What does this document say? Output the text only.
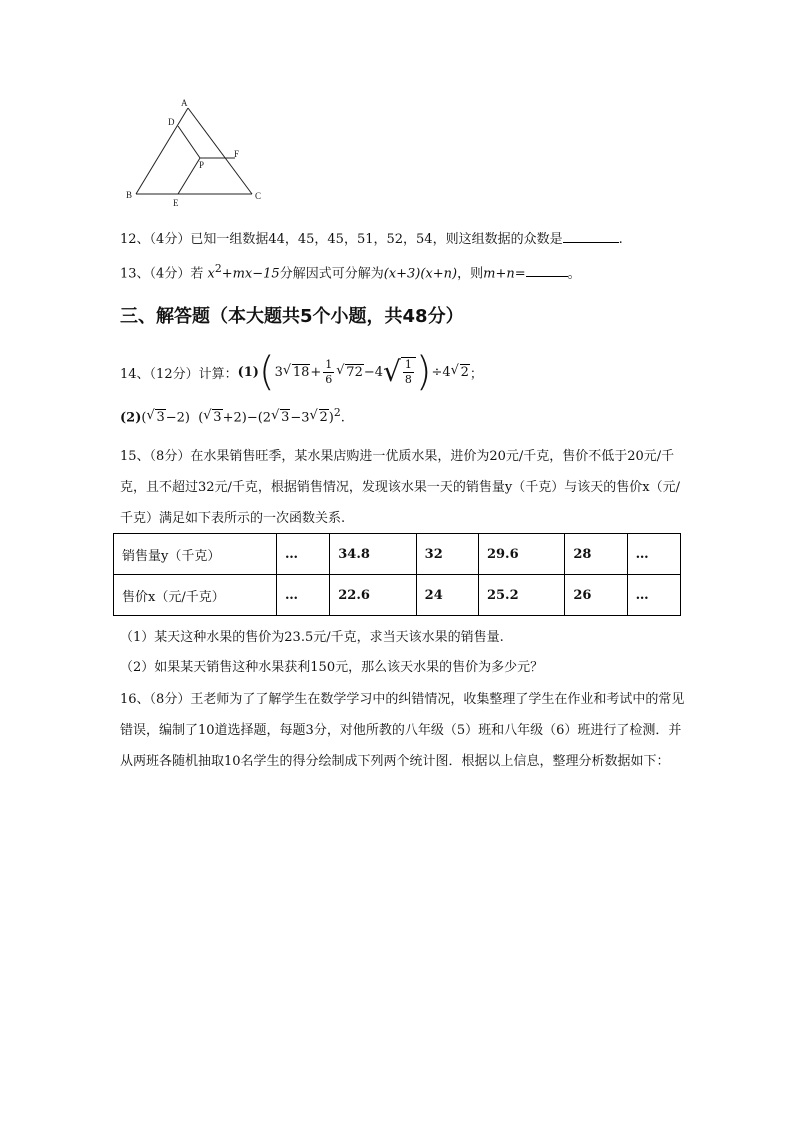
A
D
P
F
B
E
C
12、（4分）已知一组数据44，45，45，51，52，54，则这组数据的众数是	.
13、（4分）若 $x^2+mx-15$分解因式可分解为(x+3)(x+n)，则m+n=	。
三、解答题（本大题共5个小题，共48分）
14、（12分）计算： (1) ( 3 √ $18 + \frac{1}{6}$ √ 72 −4 √ $\frac{1}{8}$ ) ÷4 √ 2 ；
(2)( √ 3−2)  ( √ 3+2)−(2 √ 3−3 √ 2)$^2$.
15、（8分）在水果销售旺季，某水果店购进一优质水果，进价为20元/千克，售价不低于20元/千克，且不超过32元/千克，根据销售情况，发现该水果一天的销售量y（千克）与该天的售价x（元/千克）满足如下表所示的一次函数关系.
销售量y（千克）	…	34.8	32	29.6	28	…
售价x（元/千克）	…	22.6	24	25.2	26	…
（1）某天这种水果的售价为23.5元/千克，求当天该水果的销售量.
（2）如果某天销售这种水果获利150元，那么该天水果的售价为多少元？
16、（8分）王老师为了了解学生在数学学习中的纠错情况，收集整理了学生在作业和考试中的常见错误，编制了10道选择题，每题3分，对他所教的八年级（5）班和八年级（6）班进行了检测．并从两班各随机抽取10名学生的得分绘制成下列两个统计图．根据以上信息，整理分析数据如下：
